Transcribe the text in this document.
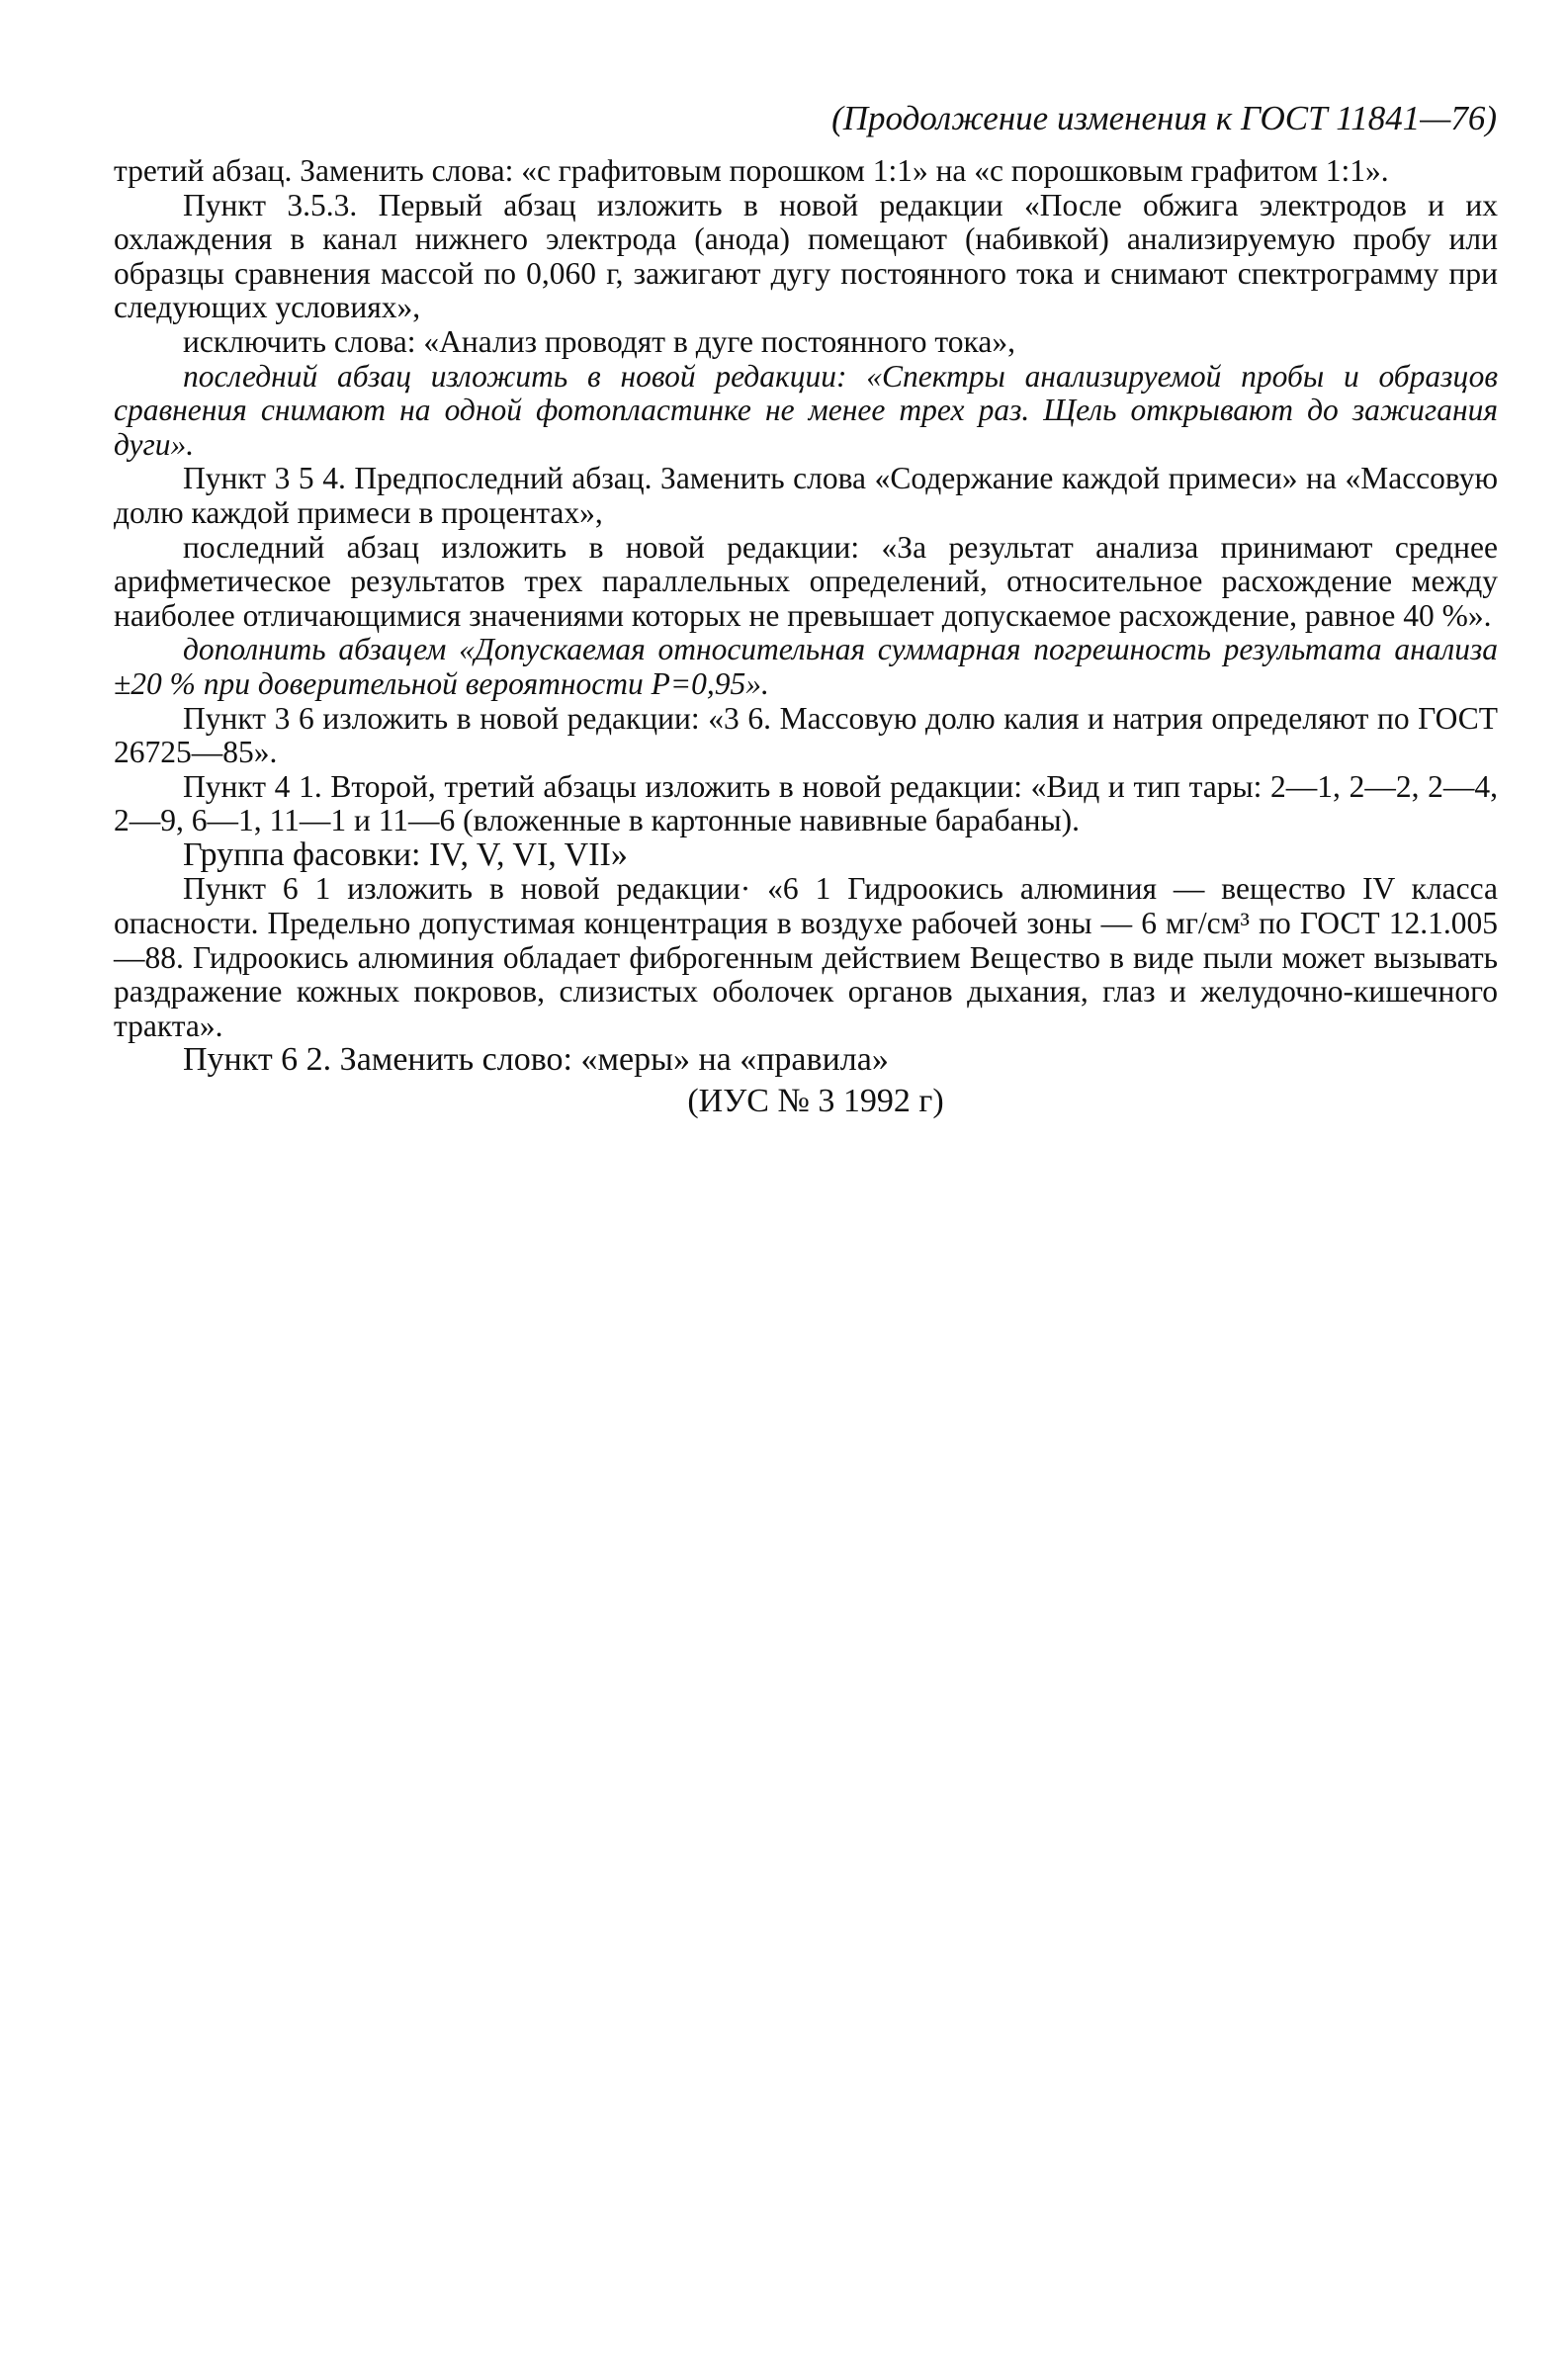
(Продолжение изменения к ГОСТ 11841—76)

третий абзац. Заменить слова: «с графитовым порошком 1:1» на «с порошковым графитом 1:1».

Пункт 3.5.3. Первый абзац изложить в новой редакции «После обжига электродов и их охлаждения в канал нижнего электрода (анода) помещают (набивкой) анализируемую пробу или образцы сравнения массой по 0,060 г, зажигают дугу постоянного тока и снимают спектрограмму при следующих условиях»,

исключить слова: «Анализ проводят в дуге постоянного тока»,

последний абзац изложить в новой редакции: «Спектры анализируемой пробы и образцов сравнения снимают на одной фотопластинке не менее трех раз. Щель открывают до зажигания дуги».

Пункт 3 5 4. Предпоследний абзац. Заменить слова «Содержание каждой примеси» на «Массовую долю каждой примеси в процентах»,

последний абзац изложить в новой редакции: «За результат анализа принимают среднее арифметическое результатов трех параллельных определений, относительное расхождение между наиболее отличающимися значениями которых не превышает допускаемое расхождение, равное 40 %».

дополнить абзацем «Допускаемая относительная суммарная погрешность результата анализа ±20 % при доверительной вероятности P=0,95».

Пункт 3 6 изложить в новой редакции: «3 6. Массовую долю калия и натрия определяют по ГОСТ 26725—85».

Пункт 4 1. Второй, третий абзацы изложить в новой редакции: «Вид и тип тары: 2—1, 2—2, 2—4, 2—9, 6—1, 11—1 и 11—6 (вложенные в картонные навивные барабаны).

Группа фасовки: IV, V, VI, VII»

Пункт 6 1 изложить в новой редакции· «6 1 Гидроокись алюминия — вещество IV класса опасности. Предельно допустимая концентрация в воздухе рабочей зоны — 6 мг/см³ по ГОСТ 12.1.005—88. Гидроокись алюминия обладает фиброгенным действием Вещество в виде пыли может вызывать раздражение кожных покровов, слизистых оболочек органов дыхания, глаз и желудочно-кишечного тракта».

Пункт 6 2. Заменить слово: «меры» на «правила»

(ИУС № 3 1992 г)
